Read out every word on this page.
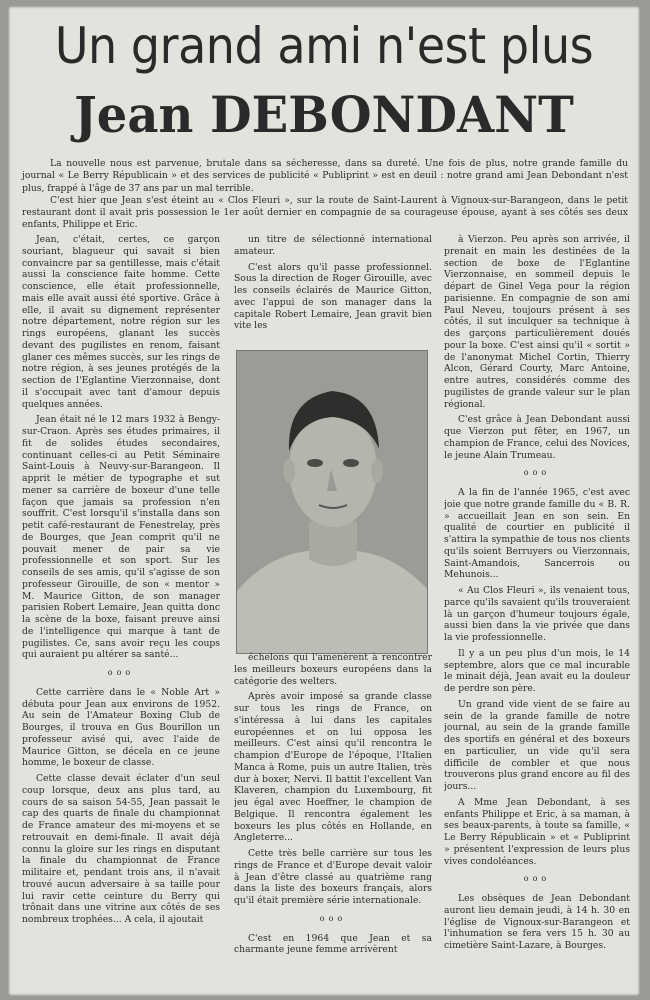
Un grand ami n'est plus
Jean DEBONDANT

La nouvelle nous est parvenue, brutale dans sa sécheresse, dans sa dureté. Une fois de plus, notre grande famille du journal « Le Berry Républicain » et des services de publicité « Publiprint » est en deuil : notre grand ami Jean Debondant n'est plus, frappé à l'âge de 37 ans par un mal terrible.

C'est hier que Jean s'est éteint au « Clos Fleuri », sur la route de Saint-Laurent à Vignoux-sur-Barangeon, dans le petit restaurant dont il avait pris possession le 1er août dernier en compagnie de sa courageuse épouse, ayant à ses côtés ses deux enfants, Philippe et Eric.

Jean, c'était, certes, ce garçon souriant, blagueur qui savait si bien convaincre par sa gentillesse, mais c'était aussi la conscience faite homme. Cette conscience, elle était professionnelle, mais elle avait aussi été sportive. Grâce à elle, il avait su dignement représenter notre département, notre région sur les rings européens, glanant les succès devant des pugilistes en renom, faisant glaner ces mêmes succès, sur les rings de notre région, à ses jeunes protégés de la section de l'Eglantine Vierzonnaise, dont il s'occupait avec tant d'amour depuis quelques années.

Jean était né le 12 mars 1932 à Bengy-sur-Craon. Après ses études primaires, il fit de solides études secondaires, continuant celles-ci au Petit Séminaire Saint-Louis à Neuvy-sur-Barangeon. Il apprit le métier de typographe et sut mener sa carrière de boxeur d'une telle façon que jamais sa profession n'en souffrit. C'est lorsqu'il s'installa dans son petit café-restaurant de Fenestrelay, près de Bourges, que Jean comprit qu'il ne pouvait mener de pair sa vie professionnelle et son sport. Sur les conseils de ses amis, qu'il s'agisse de son professeur Girouille, de son « mentor » M. Maurice Gitton, de son manager parisien Robert Lemaire, Jean quitta donc la scène de la boxe, faisant preuve ainsi de l'intelligence qui marque à tant de pugilistes. Ce, sans avoir reçu les coups qui auraient pu altérer sa santé...

ooo

Cette carrière dans le « Noble Art » débuta pour Jean aux environs de 1952. Au sein de l'Amateur Boxing Club de Bourges, il trouva en Gus Bourillon un professeur avisé qui, avec l'aide de Maurice Gitton, se décela en ce jeune homme, le boxeur de classe.

Cette classe devait éclater d'un seul coup lorsque, deux ans plus tard, au cours de sa saison 54-55, Jean passait le cap des quarts de finale du championnat de France amateur des mi-moyens et se retrouvait en demi-finale. Il avait déjà connu la gloire sur les rings en disputant la finale du championnat de France militaire et, pendant trois ans, il n'avait trouvé aucun adversaire à sa taille pour lui ravir cette ceinture du Berry qui trônait dans une vitrine aux côtés de ses nombreux trophées... A cela, il ajoutait

un titre de sélectionné international amateur.

C'est alors qu'il passe professionnel. Sous la direction de Roger Girouille, avec les conseils éclairés de Maurice Gitton, avec l'appui de son manager dans la capitale Robert Lemaire, Jean gravit bien vite les

échelons qui l'amenèrent à rencontrer les meilleurs boxeurs européens dans la catégorie des welters.

Après avoir imposé sa grande classe sur tous les rings de France, on s'intéressa à lui dans les capitales européennes et on lui opposa les meilleurs. C'est ainsi qu'il rencontra le champion d'Europe de l'époque, l'Italien Manca à Rome, puis un autre Italien, très dur à boxer, Nervi. Il battit l'excellent Van Klaveren, champion du Luxembourg, fit jeu égal avec Hoeffner, le champion de Belgique. Il rencontra également les boxeurs les plus côtés en Hollande, en Angleterre...

Cette très belle carrière sur tous les rings de France et d'Europe devait valoir à Jean d'être classé au quatrième rang dans la liste des boxeurs français, alors qu'il était première série internationale.

ooo

C'est en 1964 que Jean et sa charmante jeune femme arrivèrent

à Vierzon. Peu après son arrivée, il prenait en main les destinées de la section de boxe de l'Eglantine Vierzonnaise, en sommeil depuis le départ de Ginel Vega pour la région parisienne. En compagnie de son ami Paul Neveu, toujours présent à ses côtés, il sut inculquer sa technique à des garçons particulièrement doués pour la boxe. C'est ainsi qu'il « sortit » de l'anonymat Michel Cortin, Thierry Alcon, Gérard Courty, Marc Antoine, entre autres, considérés comme des pugilistes de grande valeur sur le plan régional.

C'est grâce à Jean Debondant aussi que Vierzon put fêter, en 1967, un champion de France, celui des Novices, le jeune Alain Trumeau.

ooo

A la fin de l'année 1965, c'est avec joie que notre grande famille du « B. R. » accueillait Jean en son sein. En qualité de courtier en publicité il s'attira la sympathie de tous nos clients qu'ils soient Berruyers ou Vierzonnais, Saint-Amandois, Sancerrois ou Mehunois...

« Au Clos Fleuri », ils venaient tous, parce qu'ils savaient qu'ils trouveraient là un garçon d'humeur toujours égale, aussi bien dans la vie privée que dans la vie professionnelle.

Il y a un peu plus d'un mois, le 14 septembre, alors que ce mal incurable le minait déjà, Jean avait eu la douleur de perdre son père.

Un grand vide vient de se faire au sein de la grande famille de notre journal, au sein de la grande famille des sportifs en général et des boxeurs en particulier, un vide qu'il sera difficile de combler et que nous trouverons plus grand encore au fil des jours...

A Mme Jean Debondant, à ses enfants Philippe et Eric, à sa maman, à ses beaux-parents, à toute sa famille, « Le Berry Républicain » et « Publiprint » présentent l'expression de leurs plus vives condoléances.

ooo

Les obsèques de Jean Debondant auront lieu demain jeudi, à 14 h. 30 en l'église de Vignoux-sur-Barangeon et l'inhumation se fera vers 15 h. 30 au cimetière Saint-Lazare, à Bourges.
